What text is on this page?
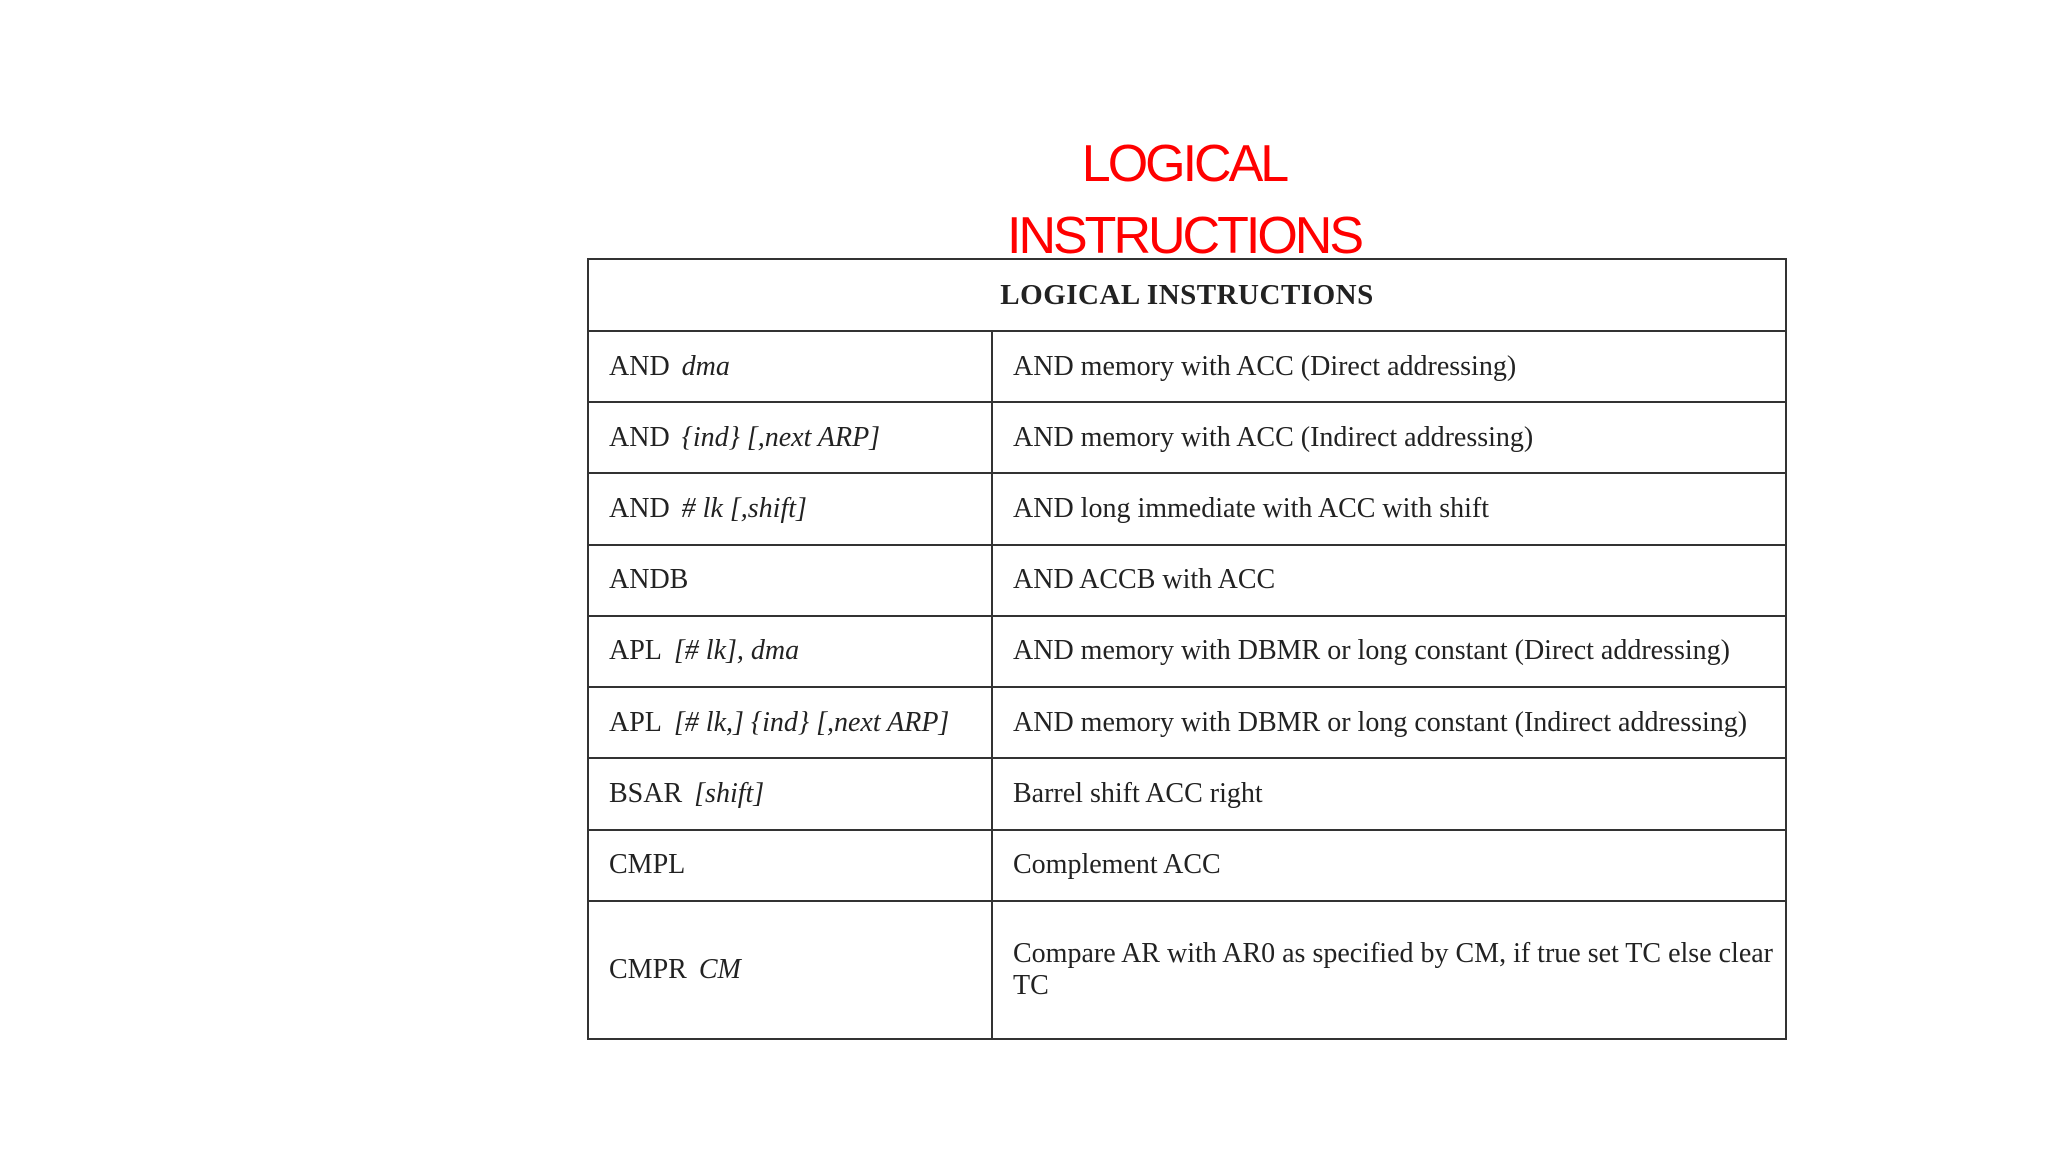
LOGICAL INSTRUCTIONS
LOGICAL INSTRUCTIONS	
AND dma	AND memory with ACC (Direct addressing)
AND {ind} [,next ARP]	AND memory with ACC (Indirect addressing)
AND # lk [,shift]	AND long immediate with ACC with shift
ANDB	AND ACCB with ACC
APL [# lk], dma	AND memory with DBMR or long constant (Direct addressing)
APL [# lk,] {ind} [,next ARP]	AND memory with DBMR or long constant (Indirect addressing)
BSAR [shift]	Barrel shift ACC right
CMPL	Complement ACC
CMPR CM	Compare AR with AR0 as specified by CM, if true set TC else clear TC
